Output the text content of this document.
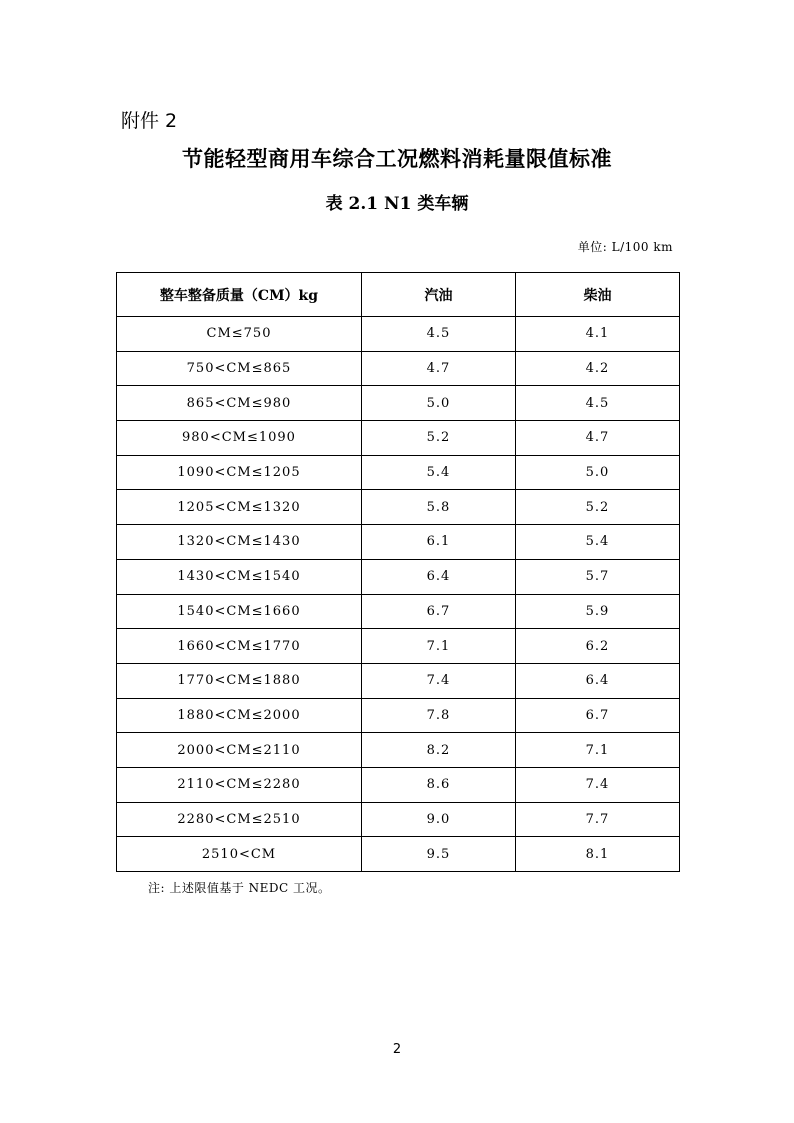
附件 2
节能轻型商用车综合工况燃料消耗量限值标准
表 2.1 N1 类车辆
单位: L/100 km
整车整备质量（CM）kg	汽油	柴油
CM≤750	4.5	4.1
750<CM≤865	4.7	4.2
865<CM≤980	5.0	4.5
980<CM≤1090	5.2	4.7
1090<CM≤1205	5.4	5.0
1205<CM≤1320	5.8	5.2
1320<CM≤1430	6.1	5.4
1430<CM≤1540	6.4	5.7
1540<CM≤1660	6.7	5.9
1660<CM≤1770	7.1	6.2
1770<CM≤1880	7.4	6.4
1880<CM≤2000	7.8	6.7
2000<CM≤2110	8.2	7.1
2110<CM≤2280	8.6	7.4
2280<CM≤2510	9.0	7.7
2510<CM	9.5	8.1
注: 上述限值基于 NEDC 工况。
2
